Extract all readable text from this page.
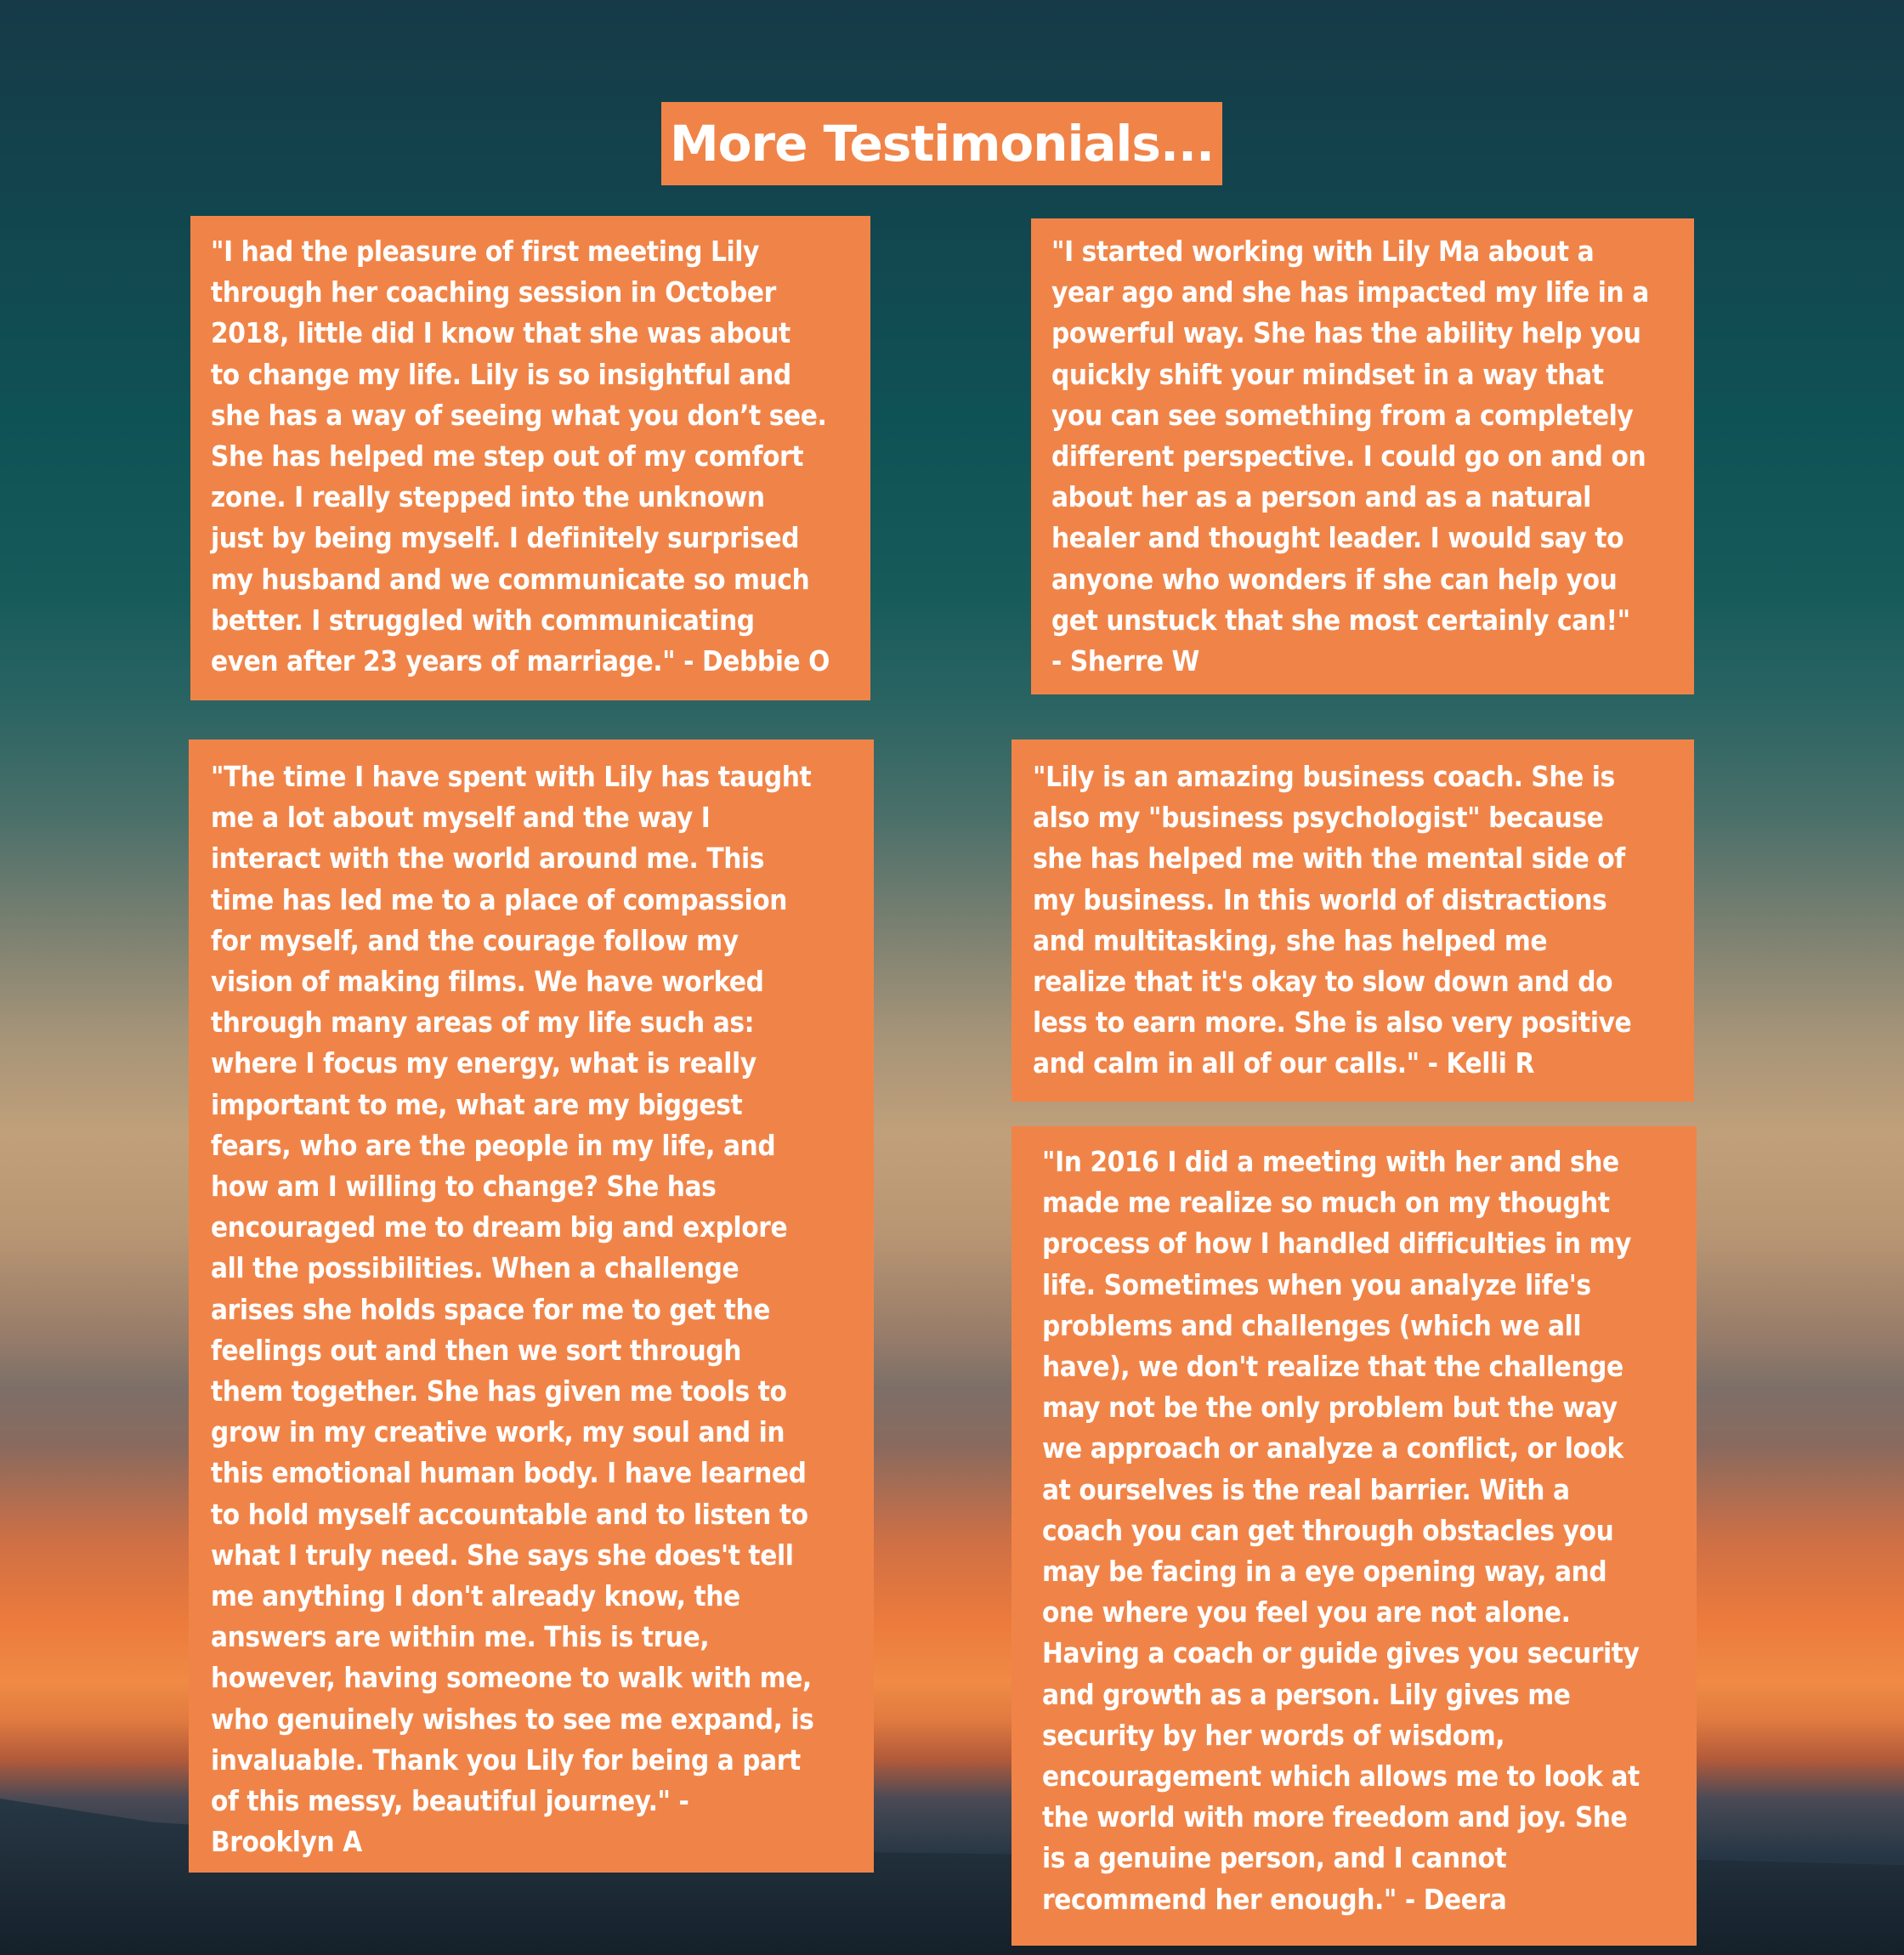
More Testimonials...

"I had the pleasure of first meeting Lily
through her coaching session in October
2018, little did I know that she was about
to change my life. Lily is so insightful and
she has a way of seeing what you don’t see.
She has helped me step out of my comfort
zone. I really stepped into the unknown
just by being myself. I definitely surprised
my husband and we communicate so much
better. I struggled with communicating
even after 23 years of marriage." - Debbie O

"I started working with Lily Ma about a
year ago and she has impacted my life in a
powerful way. She has the ability help you
quickly shift your mindset in a way that
you can see something from a completely
different perspective. I could go on and on
about her as a person and as a natural
healer and thought leader. I would say to
anyone who wonders if she can help you
get unstuck that she most certainly can!"
- Sherre W

"The time I have spent with Lily has taught
me a lot about myself and the way I
interact with the world around me. This
time has led me to a place of compassion
for myself, and the courage follow my
vision of making films. We have worked
through many areas of my life such as:
where I focus my energy, what is really
important to me, what are my biggest
fears, who are the people in my life, and
how am I willing to change? She has
encouraged me to dream big and explore
all the possibilities. When a challenge
arises she holds space for me to get the
feelings out and then we sort through
them together. She has given me tools to
grow in my creative work, my soul and in
this emotional human body. I have learned
to hold myself accountable and to listen to
what I truly need. She says she does't tell
me anything I don't already know, the
answers are within me. This is true,
however, having someone to walk with me,
who genuinely wishes to see me expand, is
invaluable. Thank you Lily for being a part
of this messy, beautiful journey." -
Brooklyn A

"Lily is an amazing business coach. She is
also my "business psychologist" because
she has helped me with the mental side of
my business. In this world of distractions
and multitasking, she has helped me
realize that it's okay to slow down and do
less to earn more. She is also very positive
and calm in all of our calls." - Kelli R

"In 2016 I did a meeting with her and she
made me realize so much on my thought
process of how I handled difficulties in my
life. Sometimes when you analyze life's
problems and challenges (which we all
have), we don't realize that the challenge
may not be the only problem but the way
we approach or analyze a conflict, or look
at ourselves is the real barrier. With a
coach you can get through obstacles you
may be facing in a eye opening way, and
one where you feel you are not alone.
Having a coach or guide gives you security
and growth as a person. Lily gives me
security by her words of wisdom,
encouragement which allows me to look at
the world with more freedom and joy. She
is a genuine person, and I cannot
recommend her enough." - Deera
